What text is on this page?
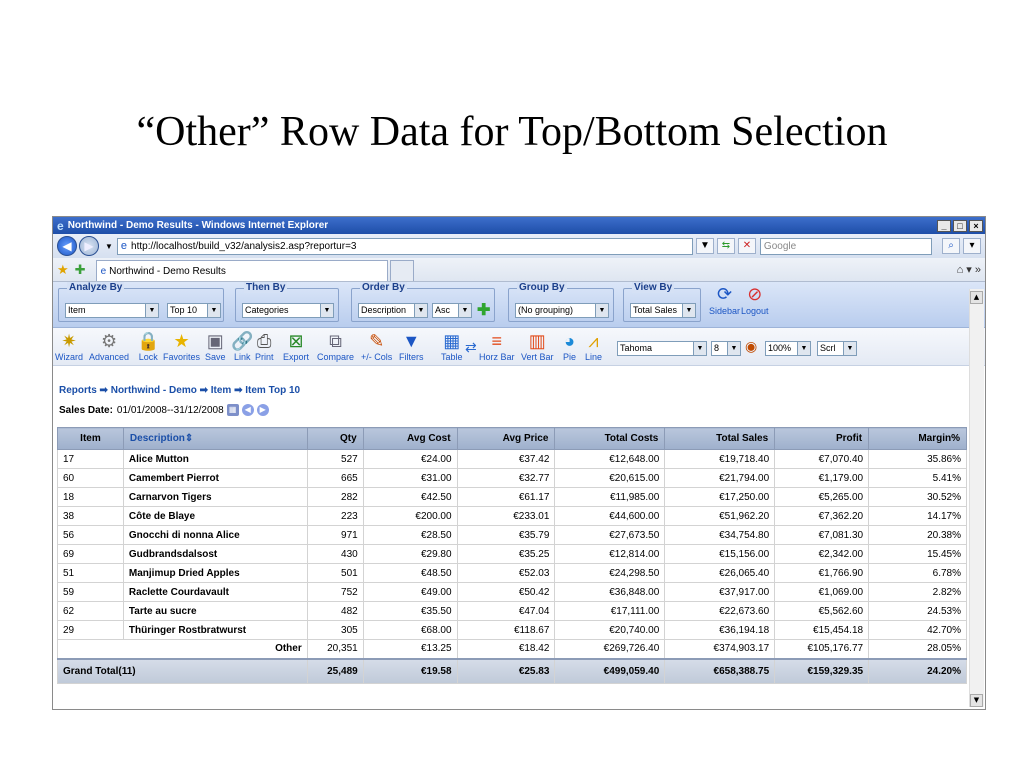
“Other” Row Data for Top/Bottom Selection
e Northwind - Demo Results - Windows Internet Explorer	_	□	×
◀	▶	▼ e http://localhost/build_v32/analysis2.asp?reportur=3	▼	⇆	✕	Google	⌕	▾
★ ✚ e Northwind - Demo Results	⌂ ▾ »
Analyze By
Item	▼	Top 10	▼
Then By
Categories	▼
Order By
Description	▼	Asc	▼ ✚
Group By
(No grouping)	▼
View By
Total Sales	▼
⟳
Sidebar
⊘
Logout
✷
Wizard
⚙
Advanced
🔒
Lock
★
Favorites
▣
Save
🔗
Link
⎙
Print
⊠
Export
⧉
Compare
✎
+/- Cols
▼
Filters
▦
Table
⇄ ≡
Horz Bar
▥
Vert Bar
◕
Pie
⩘
Line
Tahoma	▼	8	▼ ◉	100%	▼	Scrl	▼
Reports ➡ Northwind - Demo ➡ Item ➡ Item Top 10
Sales Date: 01/01/2008--31/12/2008 ▦	◀	▶
Item	Description⇕	Qty	Avg Cost	Avg Price	Total Costs	Total Sales	Profit	Margin%
17	Alice Mutton	527	€24.00	€37.42	€12,648.00	€19,718.40	€7,070.40	35.86%
60	Camembert Pierrot	665	€31.00	€32.77	€20,615.00	€21,794.00	€1,179.00	5.41%
18	Carnarvon Tigers	282	€42.50	€61.17	€11,985.00	€17,250.00	€5,265.00	30.52%
38	Côte de Blaye	223	€200.00	€233.01	€44,600.00	€51,962.20	€7,362.20	14.17%
56	Gnocchi di nonna Alice	971	€28.50	€35.79	€27,673.50	€34,754.80	€7,081.30	20.38%
69	Gudbrandsdalsost	430	€29.80	€35.25	€12,814.00	€15,156.00	€2,342.00	15.45%
51	Manjimup Dried Apples	501	€48.50	€52.03	€24,298.50	€26,065.40	€1,766.90	6.78%
59	Raclette Courdavault	752	€49.00	€50.42	€36,848.00	€37,917.00	€1,069.00	2.82%
62	Tarte au sucre	482	€35.50	€47.04	€17,111.00	€22,673.60	€5,562.60	24.53%
29	Thüringer Rostbratwurst	305	€68.00	€118.67	€20,740.00	€36,194.18	€15,454.18	42.70%
Other		20,351	€13.25	€18.42	€269,726.40	€374,903.17	€105,176.77	28.05%
Grand Total(11)		25,489	€19.58	€25.83	€499,059.40	€658,388.75	€159,329.35	24.20%
▲
▼
